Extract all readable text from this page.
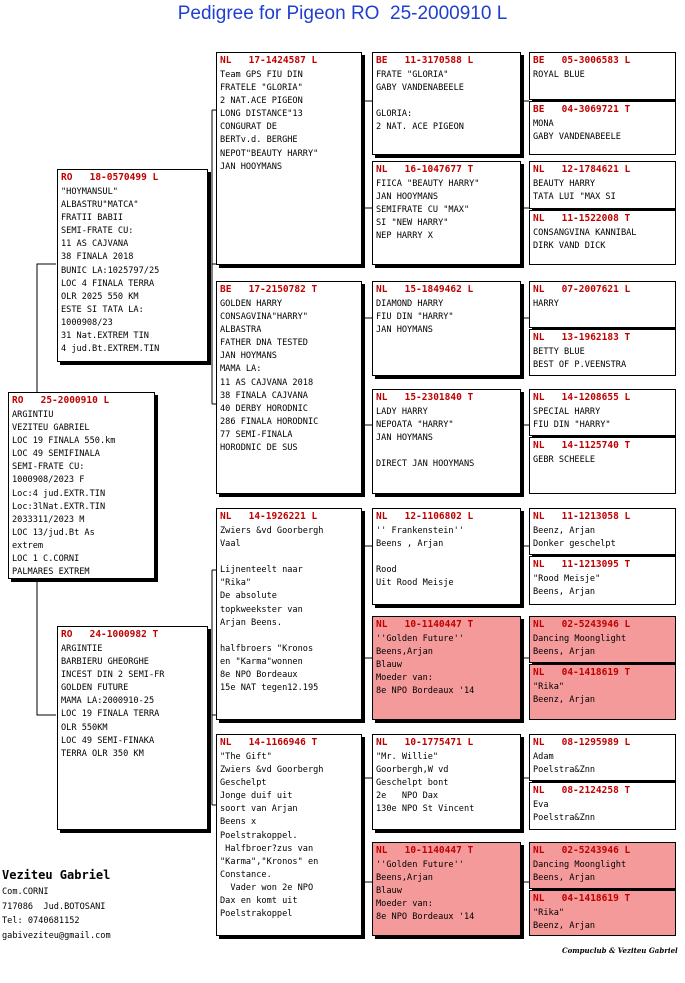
Pedigree for Pigeon RO  25-2000910 L
RO   25-2000910 L
ARGINTIU
VEZITEU GABRIEL
LOC 19 FINALA 550.km
LOC 49 SEMIFINALA
SEMI-FRATE CU:
1000908/2023 F
Loc:4 jud.EXTR.TIN
Loc:3lNat.EXTR.TIN
2033311/2023 M
LOC 13/jud.Bt As
extrem
LOC 1 C.CORNI
PALMARES EXTREM
RO   18-0570499 L
"HOYMANSUL"
ALBASTRU"MATCA"
FRATII BABII
SEMI-FRATE CU:
11 AS CAJVANA
38 FINALA 2018
BUNIC LA:1025797/25
LOC 4 FINALA TERRA
OLR 2025 550 KM
ESTE SI TATA LA:
1000908/23
31 Nat.EXTREM TIN
4 jud.Bt.EXTREM.TIN
RO   24-1000982 T
ARGINTIE
BARBIERU GHEORGHE
INCEST DIN 2 SEMI-FR
GOLDEN FUTURE
MAMA LA:2000910-25
LOC 19 FINALA TERRA
OLR 550KM
LOC 49 SEMI-FINAKA
TERRA OLR 350 KM
NL   17-1424587 L
Team GPS FIU DIN
FRATELE "GLORIA"
2 NAT.ACE PIGEON
LONG DISTANCE"13
CONGURAT DE
BERTv.d. BERGHE
NEPOT"BEAUTY HARRY"
JAN HOOYMANS
BE   17-2150782 T
GOLDEN HARRY
CONSAGVINA"HARRY"
ALBASTRA
FATHER DNA TESTED
JAN HOYMANS
MAMA LA:
11 AS CAJVANA 2018
38 FINALA CAJVANA
40 DERBY HORODNIC
286 FINALA HORODNIC
77 SEMI-FINALA
HORODNIC DE SUS
NL   14-1926221 L
Zwiers &vd Goorbergh
Vaal

Lijnenteelt naar
"Rika"
De absolute
topkweekster van
Arjan Beens.

halfbroers "Kronos
en "Karma"wonnen
8e NPO Bordeaux
15e NAT tegen12.195
NL   14-1166946 T
"The Gift"
Zwiers &vd Goorbergh
Geschelpt
Jonge duif uit
soort van Arjan
Beens x
Poelstrakoppel.
Halfbroer?zus van
"Karma","Kronos" en
Constance.
Vader won 2e NPO
Dax en komt uit
Poelstrakoppel
BE   11-3170588 L
FRATE "GLORIA"
GABY VANDENABEELE

GLORIA:
2 NAT. ACE PIGEON
NL   16-1047677 T
FIICA "BEAUTY HARRY"
JAN HOOYMANS
SEMIFRATE CU "MAX"
SI "NEW HARRY"
NEP HARRY X
NL   15-1849462 L
DIAMOND HARRY
FIU DIN "HARRY"
JAN HOYMANS
NL   15-2301840 T
LADY HARRY
NEPOATA "HARRY"
JAN HOYMANS

DIRECT JAN HOOYMANS
NL   12-1106802 L
'' Frankenstein''
Beens , Arjan

Rood
Uit Rood Meisje
NL   10-1140447 T
''Golden Future''
Beens,Arjan
Blauw
Moeder van:
8e NPO Bordeaux '14
NL   10-1775471 L
"Mr. Willie"
Goorbergh,W vd
Geschelpt bont
2e   NPO Dax
130e NPO St Vincent
NL   10-1140447 T
''Golden Future''
Beens,Arjan
Blauw
Moeder van:
8e NPO Bordeaux '14
BE   05-3006583 L
ROYAL BLUE
BE   04-3069721 T
MONA
GABY VANDENABEELE
NL   12-1784621 L
BEAUTY HARRY
TATA LUI "MAX SI
NL   11-1522008 T
CONSANGVINA KANNIBAL
DIRK VAND DICK
NL   07-2007621 L
HARRY
NL   13-1962183 T
BETTY BLUE
BEST OF P.VEENSTRA
NL   14-1208655 L
SPECIAL HARRY
FIU DIN "HARRY"
NL   14-1125740 T
GEBR SCHEELE
NL   11-1213058 L
Beenz, Arjan
Donker geschelpt
NL   11-1213095 T
"Rood Meisje"
Beens, Arjan
NL   02-5243946 L
Dancing Moonglight
Beens, Arjan
NL   04-1418619 T
"Rika"
Beenz, Arjan
NL   08-1295989 L
Adam
Poelstra&Znn
NL   08-2124258 T
Eva
Poelstra&Znn
NL   02-5243946 L
Dancing Moonglight
Beens, Arjan
NL   04-1418619 T
"Rika"
Beenz, Arjan
Veziteu Gabriel
Com.CORNI
717086  Jud.BOTOSANI
Tel: 0740681152
gabiveziteu@gmail.com
Compuclub & Veziteu Gabriel
